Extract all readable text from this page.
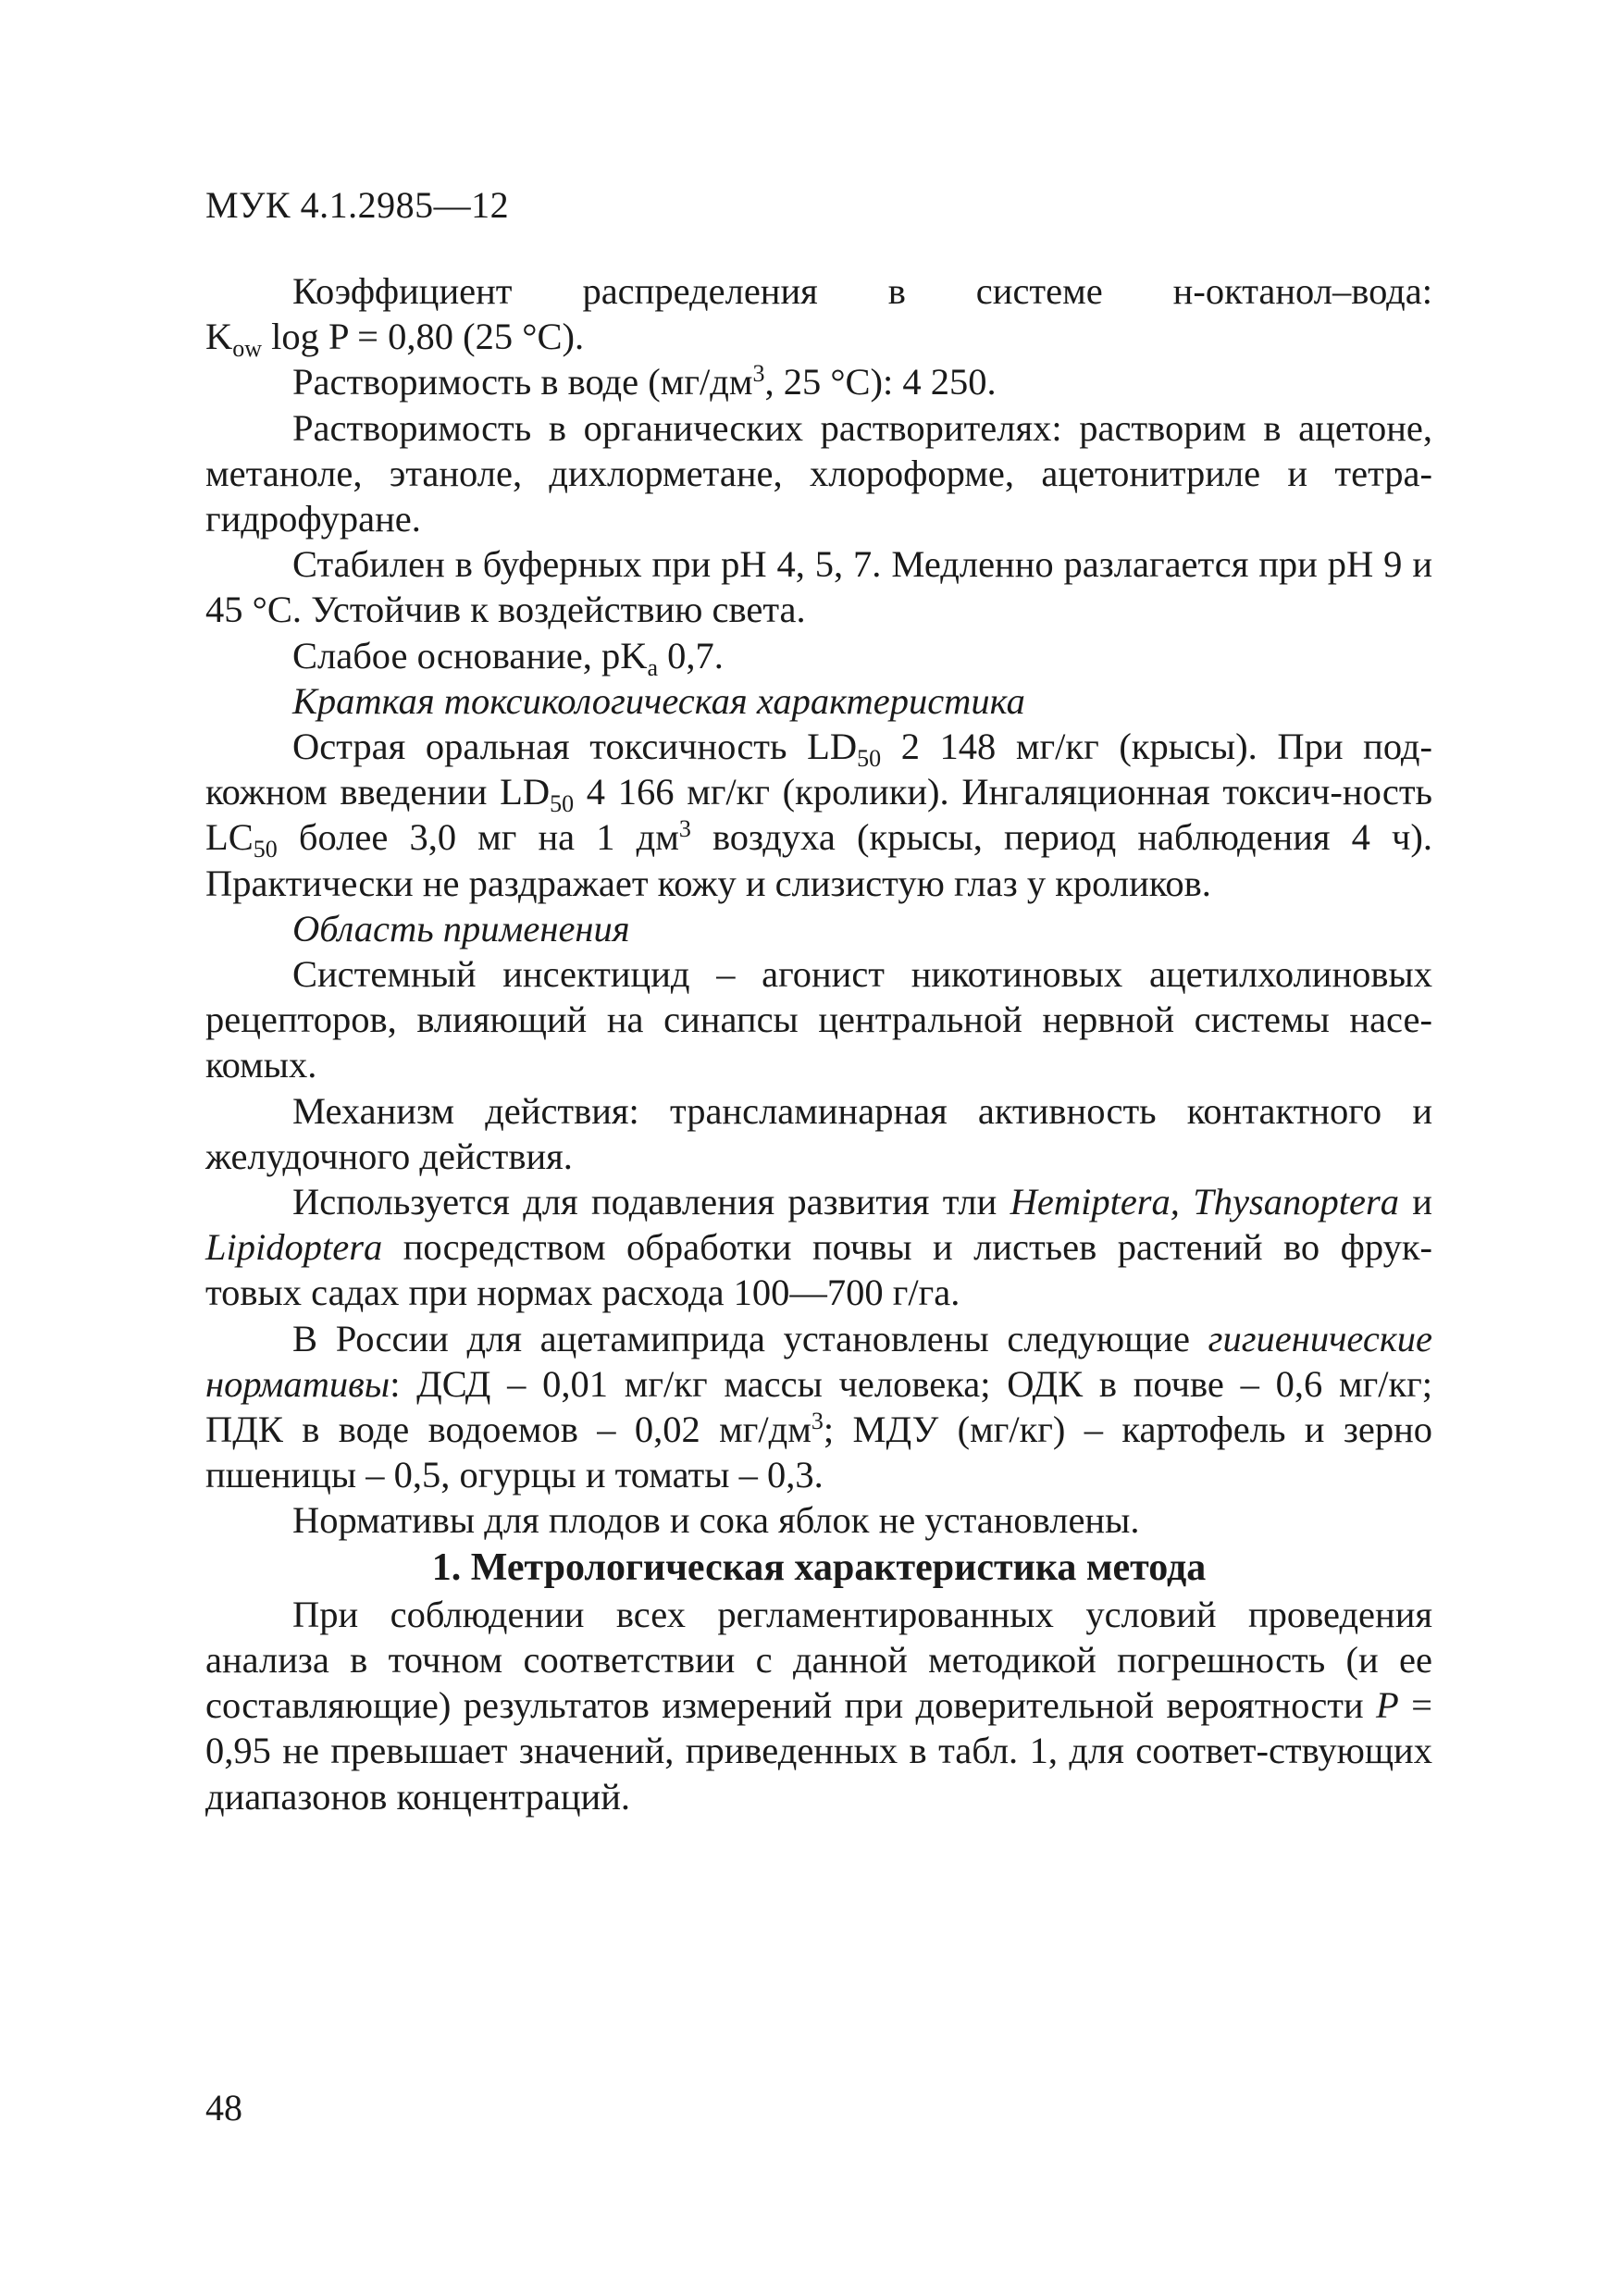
МУК 4.1.2985—12

Коэффициент распределения в системе н-октанол–вода:

$K_{ow}$ log P = 0,80 (25 °C).

Растворимость в воде ($мг/дм^3$, 25 °C): 4 250.

Растворимость в органических растворителях: растворим в ацетоне, метаноле, этаноле, дихлорметане, хлороформе, ацетонитриле и тетра-гидрофуране.

Стабилен в буферных при pH 4, 5, 7. Медленно разлагается при pH 9 и 45 °C. Устойчив к воздействию света.

Слабое основание, $pK_a$ 0,7.

Краткая токсикологическая характеристика

Острая оральная токсичность $LD_{50}$ 2 148 мг/кг (крысы). При под-кожном введении $LD_{50}$ 4 166 мг/кг (кролики). Ингаляционная токсич-ность $LC_{50}$ более 3,0 мг на 1 $дм^3$ воздуха (крысы, период наблюдения 4 ч). Практически не раздражает кожу и слизистую глаз у кроликов.

Область применения

Системный инсектицид – агонист никотиновых ацетилхолиновых рецепторов, влияющий на синапсы центральной нервной системы насе-комых.

Механизм действия: трансламинарная активность контактного и желудочного действия.

Используется для подавления развития тли Hemiptera, Thysanoptera и Lipidoptera посредством обработки почвы и листьев растений во фрук-товых садах при нормах расхода 100—700 г/га.

В России для ацетамиприда установлены следующие гигиенические нормативы: ДСД – 0,01 мг/кг массы человека; ОДК в почве – 0,6 мг/кг; ПДК в воде водоемов – 0,02 $мг/дм^3$; МДУ (мг/кг) – картофель и зерно пшеницы – 0,5, огурцы и томаты – 0,3.

Нормативы для плодов и сока яблок не установлены.

1. Метрологическая характеристика метода

При соблюдении всех регламентированных условий проведения анализа в точном соответствии с данной методикой погрешность (и ее составляющие) результатов измерений при доверительной вероятности P = 0,95 не превышает значений, приведенных в табл. 1, для соответ-ствующих диапазонов концентраций.

48
